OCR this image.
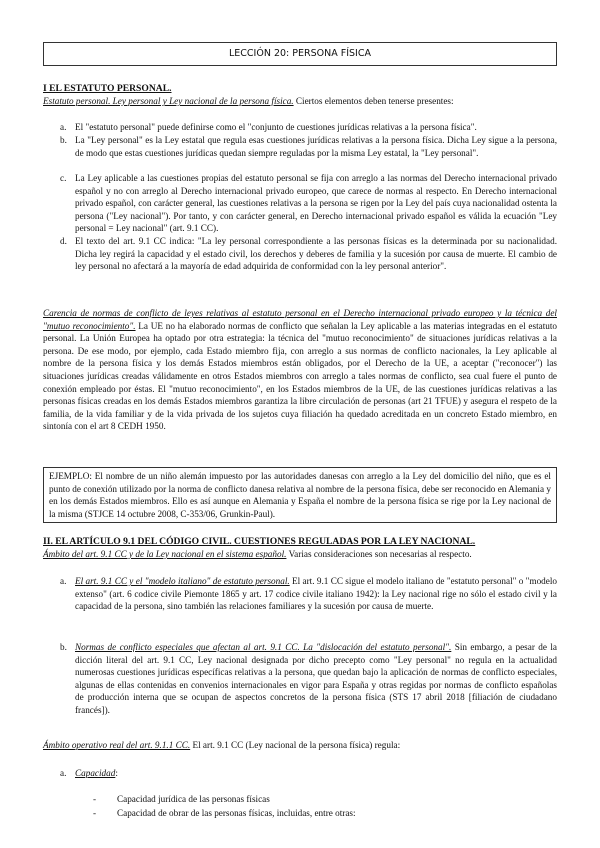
LECCIÓN 20: PERSONA FÍSICA
I EL ESTATUTO PERSONAL.
Estatuto personal. Ley personal y Ley nacional de la persona física. Ciertos elementos deben tenerse presentes:
a. El "estatuto personal" puede definirse como el "conjunto de cuestiones jurídicas relativas a la persona física".
b. La "Ley personal" es la Ley estatal que regula esas cuestiones jurídicas relativas a la persona física. Dicha Ley sigue a la persona, de modo que estas cuestiones jurídicas quedan siempre reguladas por la misma Ley estatal, la "Ley personal".
c. La Ley aplicable a las cuestiones propias del estatuto personal se fija con arreglo a las normas del Derecho internacional privado español y no con arreglo al Derecho internacional privado europeo, que carece de normas al respecto. En Derecho internacional privado español, con carácter general, las cuestiones relativas a la persona se rigen por la Ley del país cuya nacionalidad ostenta la persona ("Ley nacional"). Por tanto, y con carácter general, en Derecho internacional privado español es válida la ecuación "Ley personal = Ley nacional" (art. 9.1 CC).
d. El texto del art. 9.1 CC indica: "La ley personal correspondiente a las personas físicas es la determinada por su nacionalidad. Dicha ley regirá la capacidad y el estado civil, los derechos y deberes de familia y la sucesión por causa de muerte. El cambio de ley personal no afectará a la mayoría de edad adquirida de conformidad con la ley personal anterior".
Carencia de normas de conflicto de leyes relativas al estatuto personal en el Derecho internacional privado europeo y la técnica del "mutuo reconocimiento". La UE no ha elaborado normas de conflicto que señalan la Ley aplicable a las materias integradas en el estatuto personal. La Unión Europea ha optado por otra estrategia: la técnica del "mutuo reconocimiento" de situaciones jurídicas relativas a la persona. De ese modo, por ejemplo, cada Estado miembro fija, con arreglo a sus normas de conflicto nacionales, la Ley aplicable al nombre de la persona física y los demás Estados miembros están obligados, por el Derecho de la UE, a aceptar ("reconocer") las situaciones jurídicas creadas válidamente en otros Estados miembros con arreglo a tales normas de conflicto, sea cual fuere el punto de conexión empleado por éstas. El "mutuo reconocimiento", en los Estados miembros de la UE, de las cuestiones jurídicas relativas a las personas físicas creadas en los demás Estados miembros garantiza la libre circulación de personas (art 21 TFUE) y asegura el respeto de la familia, de la vida familiar y de la vida privada de los sujetos cuya filiación ha quedado acreditada en un concreto Estado miembro, en sintonía con el art 8 CEDH 1950.
EJEMPLO: El nombre de un niño alemán impuesto por las autoridades danesas con arreglo a la Ley del domicilio del niño, que es el punto de conexión utilizado por la norma de conflicto danesa relativa al nombre de la persona física, debe ser reconocido en Alemania y en los demás Estados miembros. Ello es así aunque en Alemania y España el nombre de la persona física se rige por la Ley nacional de la misma (STJCE 14 octubre 2008, C-353/06, Grunkin-Paul).
II. EL ARTÍCULO 9.1 DEL CÓDIGO CIVIL. CUESTIONES REGULADAS POR LA LEY NACIONAL.
Ámbito del art. 9.1 CC y de la Ley nacional en el sistema español. Varias consideraciones son necesarias al respecto.
a. El art. 9.1 CC y el "modelo italiano" de estatuto personal. El art. 9.1 CC sigue el modelo italiano de "estatuto personal" o "modelo extenso" (art. 6 codice civile Piemonte 1865 y art. 17 codice civile italiano 1942): la Ley nacional rige no sólo el estado civil y la capacidad de la persona, sino también las relaciones familiares y la sucesión por causa de muerte.
b. Normas de conflicto especiales que afectan al art. 9.1 CC. La "dislocación del estatuto personal". Sin embargo, a pesar de la dicción literal del art. 9.1 CC, Ley nacional designada por dicho precepto como "Ley personal" no regula en la actualidad numerosas cuestiones jurídicas específicas relativas a la persona, que quedan bajo la aplicación de normas de conflicto especiales, algunas de ellas contenidas en convenios internacionales en vigor para España y otras regidas por normas de conflicto españolas de producción interna que se ocupan de aspectos concretos de la persona física (STS 17 abril 2018 [filiación de ciudadano francés]).
Ámbito operativo real del art. 9.1.1 CC. El art. 9.1 CC (Ley nacional de la persona física) regula:
a. Capacidad:
- Capacidad jurídica de las personas físicas
- Capacidad de obrar de las personas físicas, incluidas, entre otras:
